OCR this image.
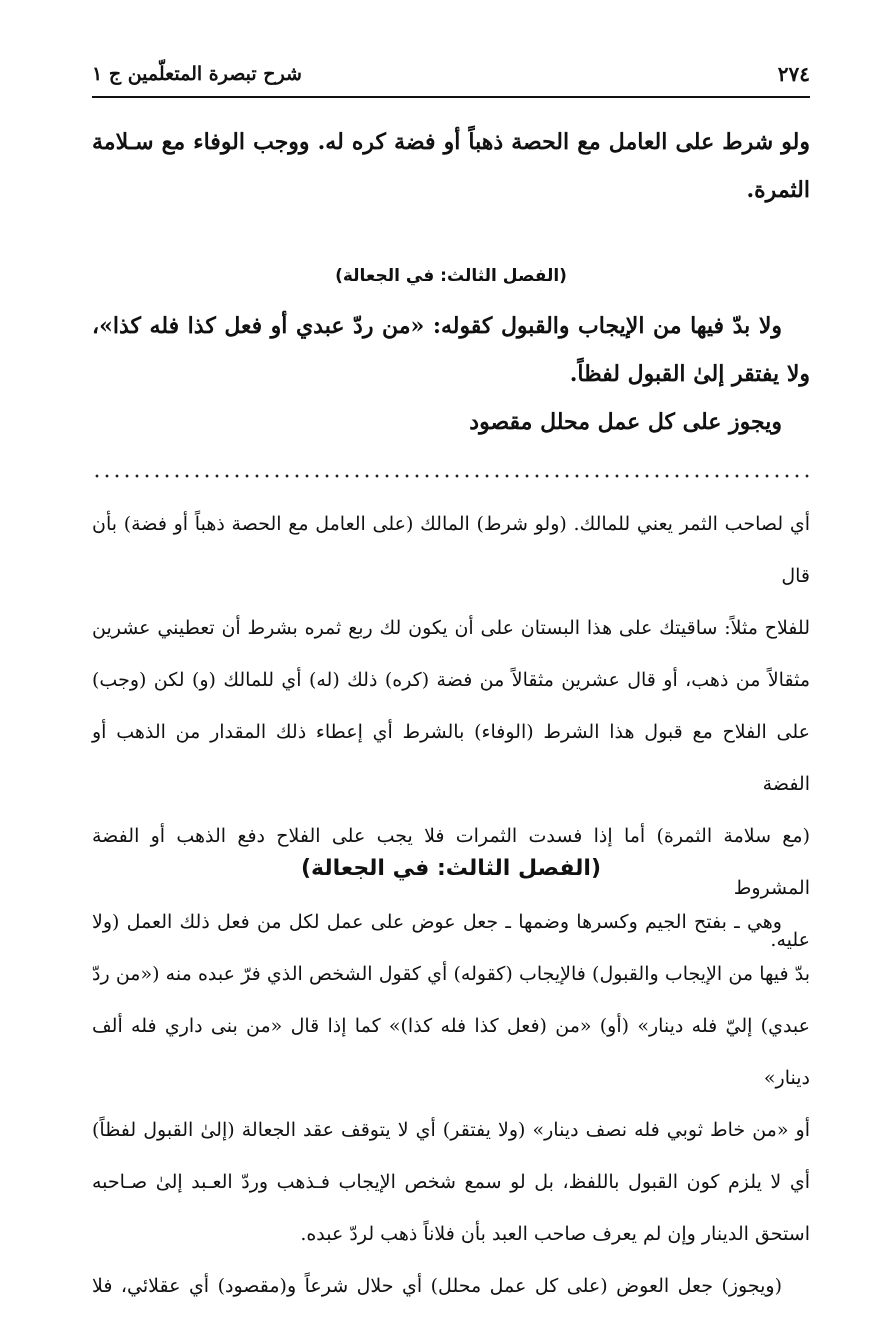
٢٧٤
شرح تبصرة المتعلّمين ج ١
ولو شرط على العامل مع الحصة ذهباً أو فضة كره له. ووجب الوفاء مع سـلامة
الثمرة.
(الفصل الثالث: في الجعالة)
ولا بدّ فيها من الإيجاب والقبول كقوله: «من ردّ عبدي أو فعل كذا فله كذا»،
ولا يفتقر إلىٰ القبول لفظاً.
ويجوز على كل عمل محلل مقصود
أي لصاحب الثمر يعني للمالك. (ولو شرط) المالك (على العامل مع الحصة ذهباً أو فضة) بأن قال
للفلاح مثلاً: ساقيتك على هذا البستان على أن يكون لك ربع ثمره بشرط أن تعطيني عشرين
مثقالاً من ذهب، أو قال عشرين مثقالاً من فضة (كره) ذلك (له) أي للمالك (و) لكن (وجب)
على الفلاح مع قبول هذا الشرط (الوفاء) بالشرط أي إعطاء ذلك المقدار من الذهب أو الفضة
(مع سلامة الثمرة) أما إذا فسدت الثمرات فلا يجب على الفلاح دفع الذهب أو الفضة المشروط
عليه.
(الفصل الثالث: في الجعالة)
وهي ـ بفتح الجيم وكسرها وضمها ـ جعل عوض على عمل لكل من فعل ذلك العمل (ولا
بدّ فيها من الإيجاب والقبول) فالإيجاب (كقوله) أي كقول الشخص الذي فرّ عبده منه («من ردّ
عبدي) إليّ فله دينار» (أو) «من (فعل كذا فله كذا)» كما إذا قال «من بنى داري فله ألف دينار»
أو «من خاط ثوبي فله نصف دينار» (ولا يفتقر) أي لا يتوقف عقد الجعالة (إلىٰ القبول لفظاً)
أي لا يلزم كون القبول باللفظ، بل لو سمع شخص الإيجاب فـذهب وردّ العـبد إلىٰ صـاحبه
استحق الدينار وإن لم يعرف صاحب العبد بأن فلاناً ذهب لردّ عبده.
(ويجوز) جعل العوض (على كل عمل محلل) أي حلال شرعاً و(مقصود) أي عقلائي، فلا
